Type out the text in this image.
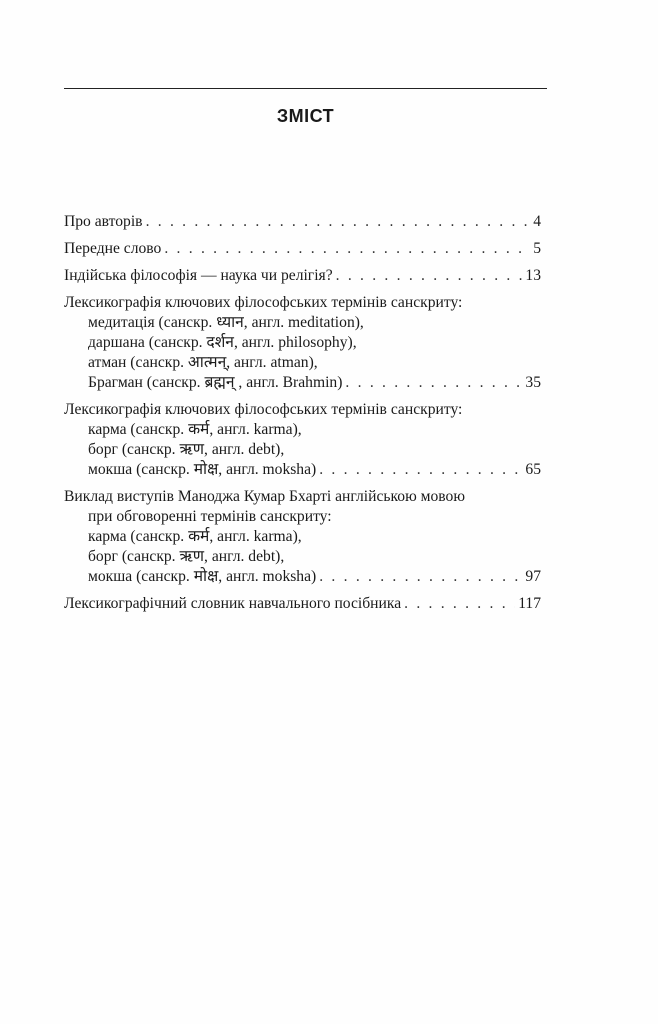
ЗМІСТ
Про авторів . . .	4
Передне слово . . .	5
Індійська філософія — наука чи релігія? . . .	13
Лексикографія ключових філософських термінів санскриту:
медитація (санскр. ध्यान, англ. meditation),
даршана (санскр. दर्शन, англ. philosophy),
атман (санскр. आत्मन्, англ. atman),
Брагман (санскр. ब्रह्मन् , англ. Brahmin) . . .	35
Лексикографія ключових філософських термінів санскриту:
карма (санскр. कर्म, англ. karma),
борг (санскр. ऋण, англ. debt),
мокша (санскр. मोक्ष, англ. moksha) . . .	65
Виклад виступів Маноджа Кумар Бхарті англійською мовою
при обговоренні термінів санскриту:
карма (санскр. कर्म, англ. karma),
борг (санскр. ऋण, англ. debt),
мокша (санскр. मोक्ष, англ. moksha) . . .	97
Лексикографічний словник навчального посібника . . .	117
